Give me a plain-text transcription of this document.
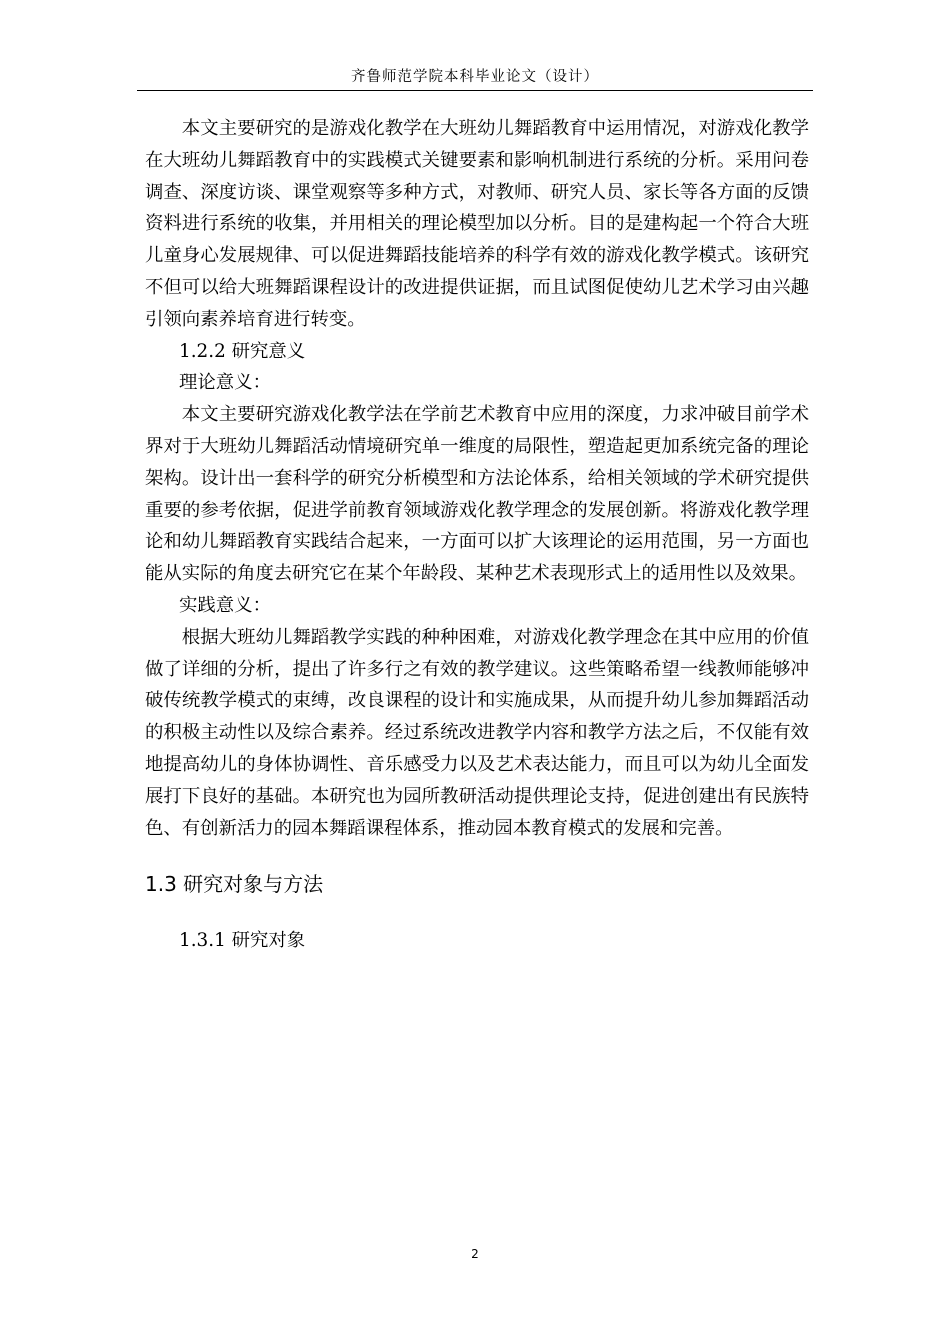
齐鲁师范学院本科毕业论文（设计）

本文主要研究的是游戏化教学在大班幼儿舞蹈教育中运用情况，对游戏化教学在大班幼儿舞蹈教育中的实践模式关键要素和影响机制进行系统的分析。采用问卷调查、深度访谈、课堂观察等多种方式，对教师、研究人员、家长等各方面的反馈资料进行系统的收集，并用相关的理论模型加以分析。目的是建构起一个符合大班儿童身心发展规律、可以促进舞蹈技能培养的科学有效的游戏化教学模式。该研究不但可以给大班舞蹈课程设计的改进提供证据，而且试图促使幼儿艺术学习由兴趣引领向素养培育进行转变。

1.2.2 研究意义

理论意义：

本文主要研究游戏化教学法在学前艺术教育中应用的深度，力求冲破目前学术界对于大班幼儿舞蹈活动情境研究单一维度的局限性，塑造起更加系统完备的理论架构。设计出一套科学的研究分析模型和方法论体系，给相关领域的学术研究提供重要的参考依据，促进学前教育领域游戏化教学理念的发展创新。将游戏化教学理论和幼儿舞蹈教育实践结合起来，一方面可以扩大该理论的运用范围，另一方面也能从实际的角度去研究它在某个年龄段、某种艺术表现形式上的适用性以及效果。

实践意义：

根据大班幼儿舞蹈教学实践的种种困难，对游戏化教学理念在其中应用的价值做了详细的分析，提出了许多行之有效的教学建议。这些策略希望一线教师能够冲破传统教学模式的束缚，改良课程的设计和实施成果，从而提升幼儿参加舞蹈活动的积极主动性以及综合素养。经过系统改进教学内容和教学方法之后，不仅能有效地提高幼儿的身体协调性、音乐感受力以及艺术表达能力，而且可以为幼儿全面发展打下良好的基础。本研究也为园所教研活动提供理论支持，促进创建出有民族特色、有创新活力的园本舞蹈课程体系，推动园本教育模式的发展和完善。

1.3 研究对象与方法

1.3.1 研究对象

2
